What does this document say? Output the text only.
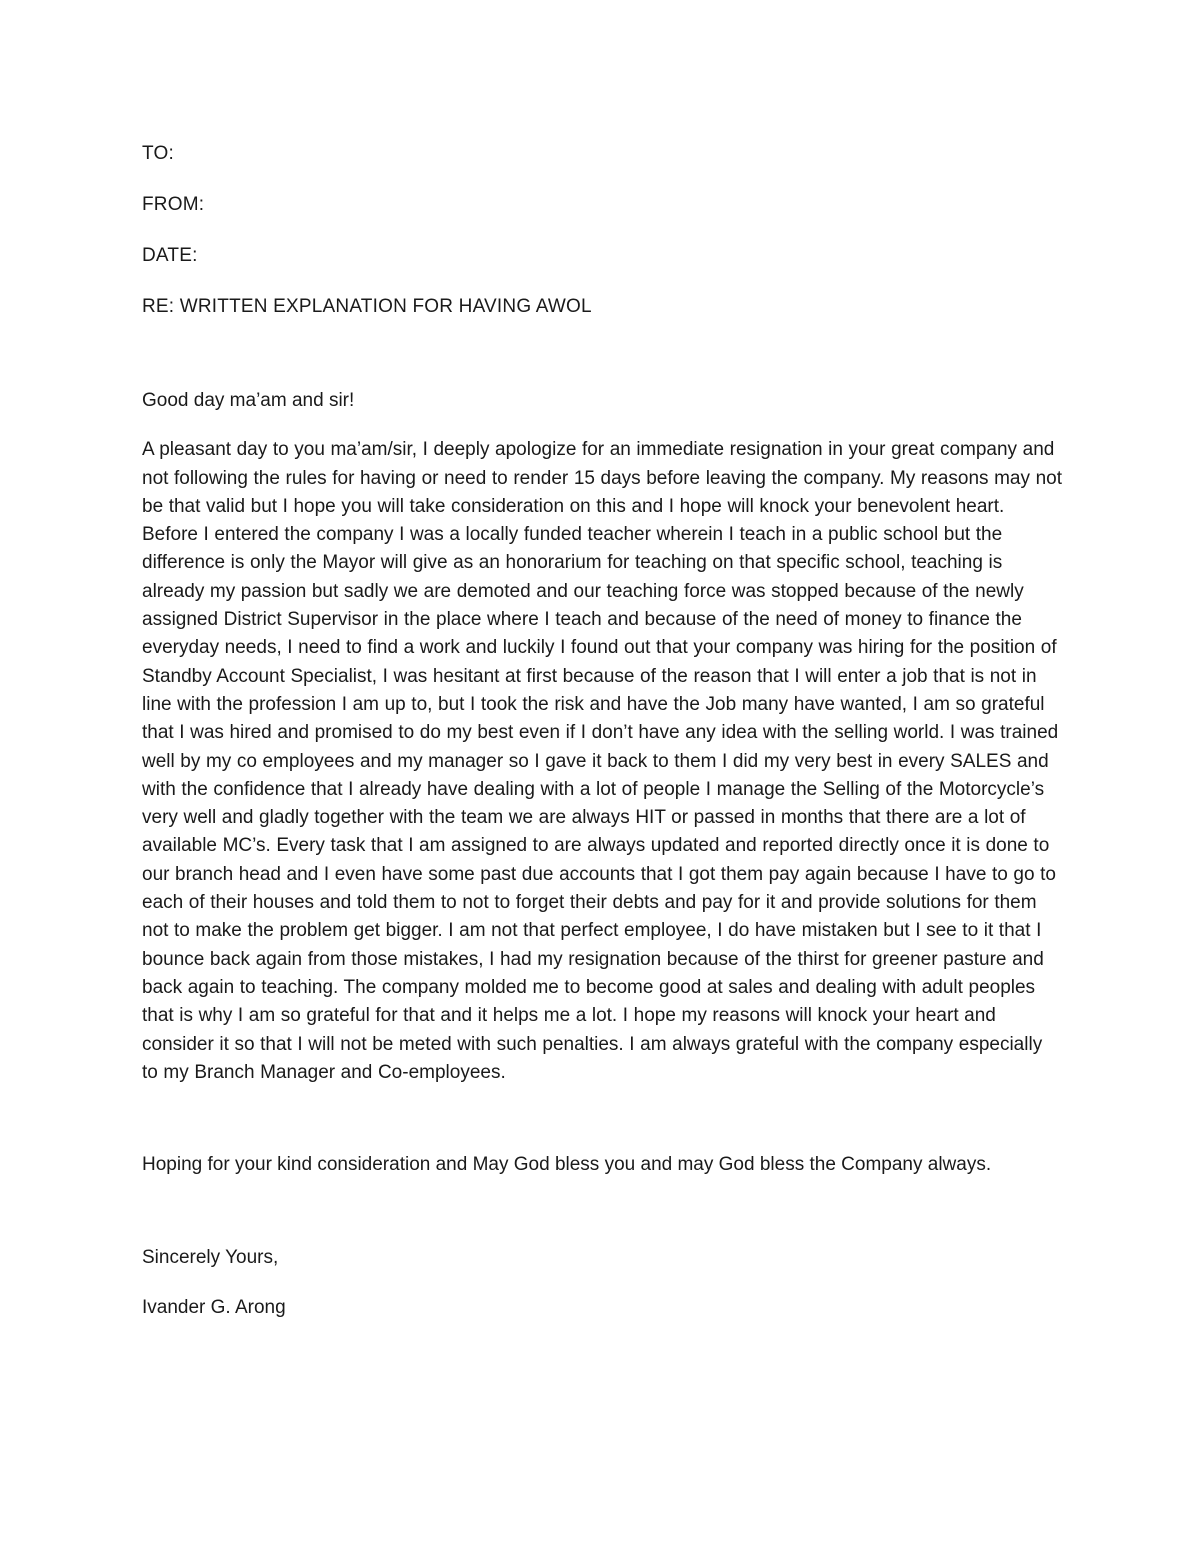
TO:
FROM:
DATE:
RE: WRITTEN EXPLANATION FOR HAVING AWOL

Good day ma’am and sir!

A pleasant day to you ma’am/sir, I deeply apologize for an immediate resignation in your great company and not following the rules for having or need to render 15 days before leaving the company. My reasons may not be that valid but I hope you will take consideration on this and I hope will knock your benevolent heart. Before I entered the company I was a locally funded teacher wherein I teach in a public school but the difference is only the Mayor will give as an honorarium for teaching on that specific school, teaching is already my passion but sadly we are demoted and our teaching force was stopped because of the newly assigned District Supervisor in the place where I teach and because of the need of money to finance the everyday needs, I need to find a work and luckily I found out that your company was hiring for the position of Standby Account Specialist, I was hesitant at first because of the reason that I will enter a job that is not in line with the profession I am up to, but I took the risk and have the Job many have wanted, I am so grateful that I was hired and promised to do my best even if I don’t have any idea with the selling world. I was trained well by my co employees and my manager so I gave it back to them I did my very best in every SALES and with the confidence that I already have dealing with a lot of people I manage the Selling of the Motorcycle’s very well and gladly together with the team we are always HIT or passed in months that there are a lot of available MC’s. Every task that I am assigned to are always updated and reported directly once it is done to our branch head and I even have some past due accounts that I got them pay again because I have to go to each of their houses and told them to not to forget their debts and pay for it and provide solutions for them not to make the problem get bigger. I am not that perfect employee, I do have mistaken but I see to it that I bounce back again from those mistakes, I had my resignation because of the thirst for greener pasture and back again to teaching. The company molded me to become good at sales and dealing with adult peoples that is why I am so grateful for that and it helps me a lot. I hope my reasons will knock your heart and consider it so that I will not be meted with such penalties. I am always grateful with the company especially to my Branch Manager and Co-employees.

Hoping for your kind consideration and May God bless you and may God bless the Company always.

Sincerely Yours,

Ivander G. Arong
